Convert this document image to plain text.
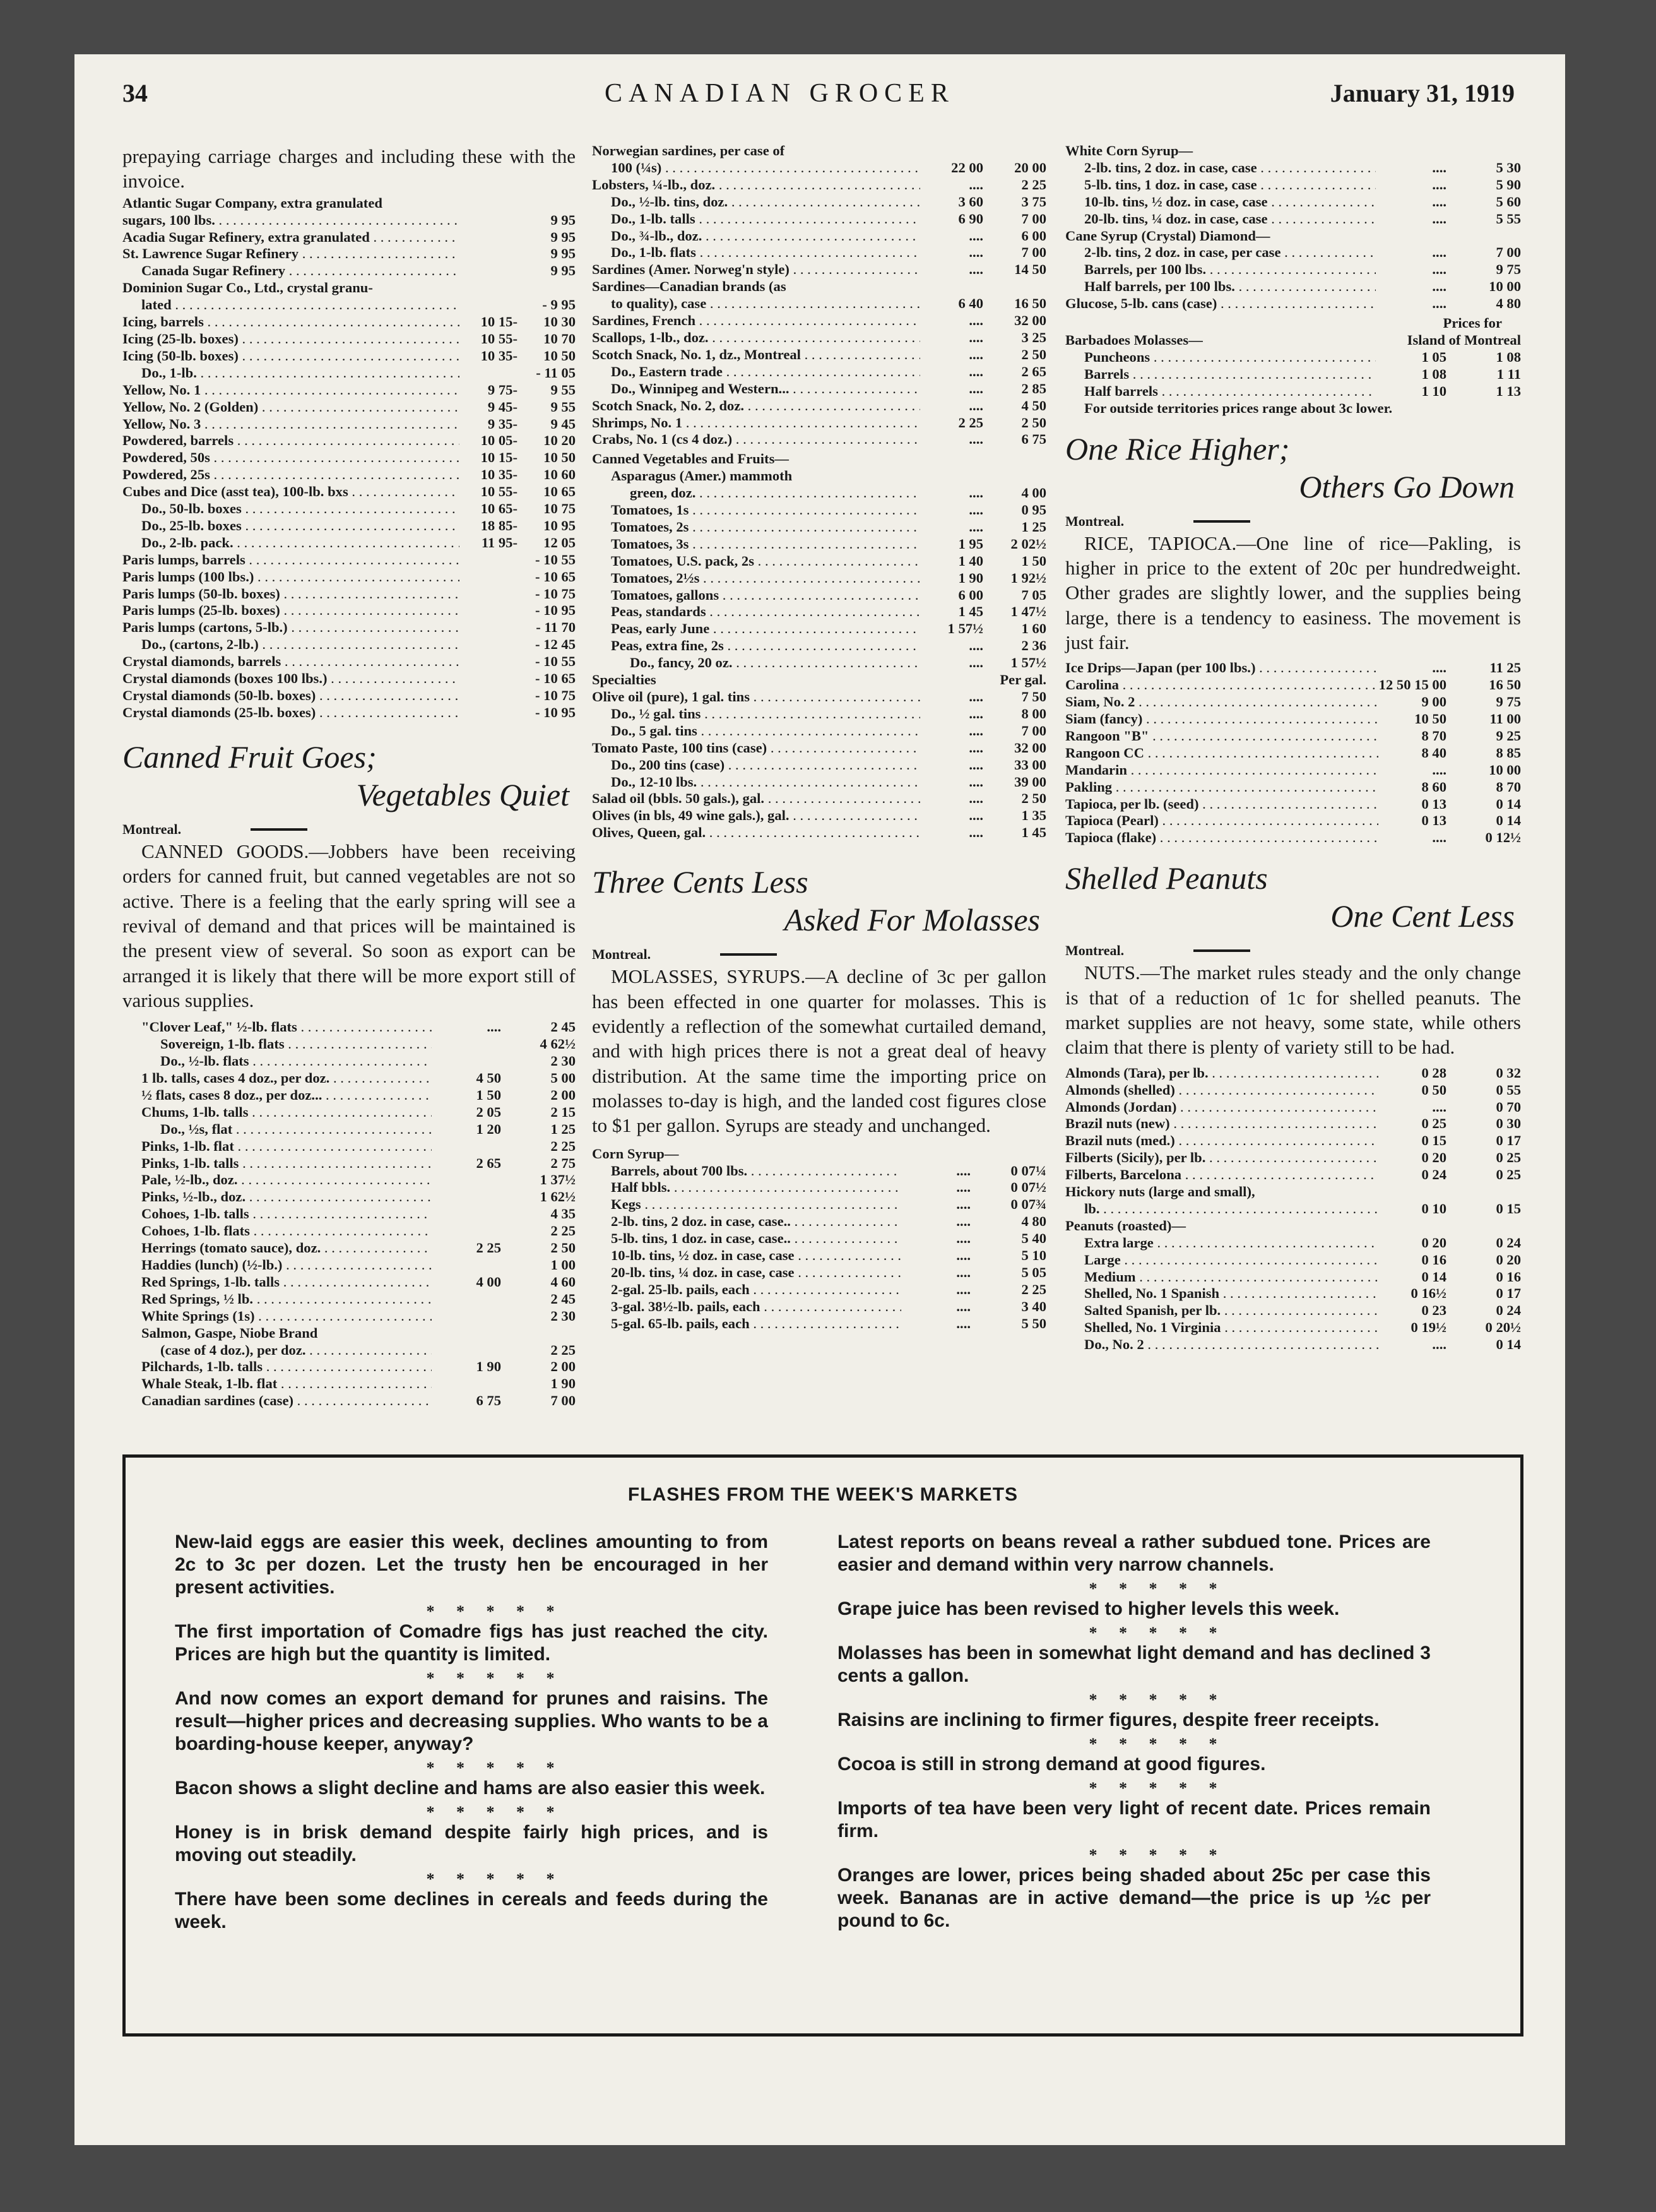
34	CANADIAN GROCER	January 31, 1919

prepaying carriage charges and including these with the invoice.

Atlantic Sugar Company, extra granulated
sugars, 100 lbs. . . .	9 95
Acadia Sugar Refinery, extra granulated . . .	9 95
St. Lawrence Sugar Refinery . . .	9 95
Canada Sugar Refinery . . .	9 95
Dominion Sugar Co., Ltd., crystal granu-
lated . . .	- 9 95
Icing, barrels . . .	10 15-	10 30
Icing (25-lb. boxes) . . .	10 55-	10 70
Icing (50-lb. boxes) . . .	10 35-	10 50
Do., 1-lb. . . .	- 11 05
Yellow, No. 1 . . .	9 75-	9 55
Yellow, No. 2 (Golden) . . .	9 45-	9 55
Yellow, No. 3 . . .	9 35-	9 45
Powdered, barrels . . .	10 05-	10 20
Powdered, 50s . . .	10 15-	10 50
Powdered, 25s . . .	10 35-	10 60
Cubes and Dice (asst tea), 100-lb. bxs . . .	10 55-	10 65
Do., 50-lb. boxes . . .	10 65-	10 75
Do., 25-lb. boxes . . .	18 85-	10 95
Do., 2-lb. pack. . . .	11 95-	12 05
Paris lumps, barrels . . .	- 10 55
Paris lumps (100 lbs.) . . .	- 10 65
Paris lumps (50-lb. boxes) . . .	- 10 75
Paris lumps (25-lb. boxes) . . .	- 10 95
Paris lumps (cartons, 5-lb.) . . .	- 11 70
Do., (cartons, 2-lb.) . . .	- 12 45
Crystal diamonds, barrels . . .	- 10 55
Crystal diamonds (boxes 100 lbs.) . . .	- 10 65
Crystal diamonds (50-lb. boxes) . . .	- 10 75
Crystal diamonds (25-lb. boxes) . . .	- 10 95

Canned Fruit Goes;

Vegetables Quiet

Montreal.

CANNED GOODS.—Jobbers have been receiving orders for canned fruit, but canned vegetables are not so active. There is a feeling that the early spring will see a revival of demand and that prices will be maintained is the present view of several. So soon as export can be arranged it is likely that there will be more export still of various supplies.

"Clover Leaf," ½-lb. flats . . .	....	2 45
Sovereign, 1-lb. flats . . .	4 62½
Do., ½-lb. flats . . .	2 30
1 lb. talls, cases 4 doz., per doz. . . .	4 50	5 00
½ flats, cases 8 doz., per doz... . . .	1 50	2 00
Chums, 1-lb. talls . . .	2 05	2 15
Do., ½s, flat . . .	1 20	1 25
Pinks, 1-lb. flat . . .	2 25
Pinks, 1-lb. talls . . .	2 65	2 75
Pale, ½-lb., doz. . . .	1 37½
Pinks, ½-lb., doz. . . .	1 62½
Cohoes, 1-lb. talls . . .	4 35
Cohoes, 1-lb. flats . . .	2 25
Herrings (tomato sauce), doz. . . .	2 25	2 50
Haddies (lunch) (½-lb.) . . .	1 00
Red Springs, 1-lb. talls . . .	4 00	4 60
Red Springs, ½ lb. . . .	2 45
White Springs (1s) . . .	2 30
Salmon, Gaspe, Niobe Brand
(case of 4 doz.), per doz. . . .	2 25
Pilchards, 1-lb. talls . . .	1 90	2 00
Whale Steak, 1-lb. flat . . .	1 90
Canadian sardines (case) . . .	6 75	7 00
Norwegian sardines, per case of
100 (¼s) . . .	22 00	20 00
Lobsters, ¼-lb., doz. . . .	....	2 25
Do., ½-lb. tins, doz. . . .	3 60	3 75
Do., 1-lb. talls . . .	6 90	7 00
Do., ¾-lb., doz. . . .	....	6 00
Do., 1-lb. flats . . .	....	7 00
Sardines (Amer. Norweg'n style) . . .	....	14 50
Sardines—Canadian brands (as
to quality), case . . .	6 40	16 50
Sardines, French . . .	....	32 00
Scallops, 1-lb., doz. . . .	....	3 25
Scotch Snack, No. 1, dz., Montreal . . .	....	2 50
Do., Eastern trade . . .	....	2 65
Do., Winnipeg and Western... . . .	....	2 85
Scotch Snack, No. 2, doz. . . .	....	4 50
Shrimps, No. 1 . . .	2 25	2 50
Crabs, No. 1 (cs 4 doz.) . . .	....	6 75
Canned Vegetables and Fruits—
Asparagus (Amer.) mammoth
green, doz. . . .	....	4 00
Tomatoes, 1s . . .	....	0 95
Tomatoes, 2s . . .	....	1 25
Tomatoes, 3s . . .	1 95	2 02½
Tomatoes, U.S. pack, 2s . . .	1 40	1 50
Tomatoes, 2½s . . .	1 90	1 92½
Tomatoes, gallons . . .	6 00	7 05
Peas, standards . . .	1 45	1 47½
Peas, early June . . .	1 57½	1 60
Peas, extra fine, 2s . . .	....	2 36
Do., fancy, 20 oz. . . .	....	1 57½
Specialties	Per gal.
Olive oil (pure), 1 gal. tins . . .	....	7 50
Do., ½ gal. tins . . .	....	8 00
Do., 5 gal. tins . . .	....	7 00
Tomato Paste, 100 tins (case) . . .	....	32 00
Do., 200 tins (case) . . .	....	33 00
Do., 12-10 lbs. . . .	....	39 00
Salad oil (bbls. 50 gals.), gal. . . .	....	2 50
Olives (in bls, 49 wine gals.), gal. . . .	....	1 35
Olives, Queen, gal. . . .	....	1 45

Three Cents Less

Asked For Molasses

Montreal.

MOLASSES, SYRUPS.—A decline of 3c per gallon has been effected in one quarter for molasses. This is evidently a reflection of the somewhat curtailed demand, and with high prices there is not a great deal of heavy distribution. At the same time the importing price on molasses to-day is high, and the landed cost figures close to $1 per gallon. Syrups are steady and unchanged.

Corn Syrup—
Barrels, about 700 lbs. . . .	....	0 07¼
Half bbls. . . .	....	0 07½
Kegs . . .	....	0 07¾
2-lb. tins, 2 doz. in case, case.. . . .	....	4 80
5-lb. tins, 1 doz. in case, case.. . . .	....	5 40
10-lb. tins, ½ doz. in case, case . . .	....	5 10
20-lb. tins, ¼ doz. in case, case . . .	....	5 05
2-gal. 25-lb. pails, each . . .	....	2 25
3-gal. 38½-lb. pails, each . . .	....	3 40
5-gal. 65-lb. pails, each . . .	....	5 50
White Corn Syrup—
2-lb. tins, 2 doz. in case, case . . .	....	5 30
5-lb. tins, 1 doz. in case, case . . .	....	5 90
10-lb. tins, ½ doz. in case, case . . .	....	5 60
20-lb. tins, ¼ doz. in case, case . . .	....	5 55
Cane Syrup (Crystal) Diamond—
2-lb. tins, 2 doz. in case, per case . . .	....	7 00
Barrels, per 100 lbs. . . .	....	9 75
Half barrels, per 100 lbs. . . .	....	10 00
Glucose, 5-lb. cans (case) . . .	....	4 80
Prices for
Barbadoes Molasses—	Island of Montreal
Puncheons . . .	1 05	1 08
Barrels . . .	1 08	1 11
Half barrels . . .	1 10	1 13
For outside territories prices range about 3c lower.

One Rice Higher;

Others Go Down

Montreal.

RICE, TAPIOCA.—One line of rice—Pakling, is higher in price to the extent of 20c per hundredweight. Other grades are slightly lower, and the supplies being large, there is a tendency to easiness. The movement is just fair.

Ice Drips—Japan (per 100 lbs.) . . .	....	11 25
Carolina . . .	12 50 15 00	16 50
Siam, No. 2 . . .	9 00	9 75
Siam (fancy) . . .	10 50	11 00
Rangoon "B" . . .	8 70	9 25
Rangoon CC . . .	8 40	8 85
Mandarin . . .	....	10 00
Pakling . . .	8 60	8 70
Tapioca, per lb. (seed) . . .	0 13	0 14
Tapioca (Pearl) . . .	0 13	0 14
Tapioca (flake) . . .	....	0 12½

Shelled Peanuts

One Cent Less

Montreal.

NUTS.—The market rules steady and the only change is that of a reduction of 1c for shelled peanuts. The market supplies are not heavy, some state, while others claim that there is plenty of variety still to be had.

Almonds (Tara), per lb. . . .	0 28	0 32
Almonds (shelled) . . .	0 50	0 55
Almonds (Jordan) . . .	....	0 70
Brazil nuts (new) . . .	0 25	0 30
Brazil nuts (med.) . . .	0 15	0 17
Filberts (Sicily), per lb. . . .	0 20	0 25
Filberts, Barcelona . . .	0 24	0 25
Hickory nuts (large and small),
lb. . . .	0 10	0 15
Peanuts (roasted)—
Extra large . . .	0 20	0 24
Large . . .	0 16	0 20
Medium . . .	0 14	0 16
Shelled, No. 1 Spanish . . .	0 16½	0 17
Salted Spanish, per lb. . . .	0 23	0 24
Shelled, No. 1 Virginia . . .	0 19½	0 20½
Do., No. 2 . . .	....	0 14
FLASHES FROM THE WEEK'S MARKETS

New-laid eggs are easier this week, declines amounting to from 2c to 3c per dozen. Let the trusty hen be encouraged in her present activities.

* * * * *

The first importation of Comadre figs has just reached the city. Prices are high but the quantity is limited.

* * * * *

And now comes an export demand for prunes and raisins. The result—higher prices and decreasing supplies. Who wants to be a boarding-house keeper, anyway?

* * * * *

Bacon shows a slight decline and hams are also easier this week.

* * * * *

Honey is in brisk demand despite fairly high prices, and is moving out steadily.

* * * * *

There have been some declines in cereals and feeds during the week.

Latest reports on beans reveal a rather subdued tone. Prices are easier and demand within very narrow channels.

* * * * *

Grape juice has been revised to higher levels this week.

* * * * *

Molasses has been in somewhat light demand and has declined 3 cents a gallon.

* * * * *

Raisins are inclining to firmer figures, despite freer receipts.

* * * * *

Cocoa is still in strong demand at good figures.

* * * * *

Imports of tea have been very light of recent date. Prices remain firm.

* * * * *

Oranges are lower, prices being shaded about 25c per case this week. Bananas are in active demand—the price is up ½c per pound to 6c.
